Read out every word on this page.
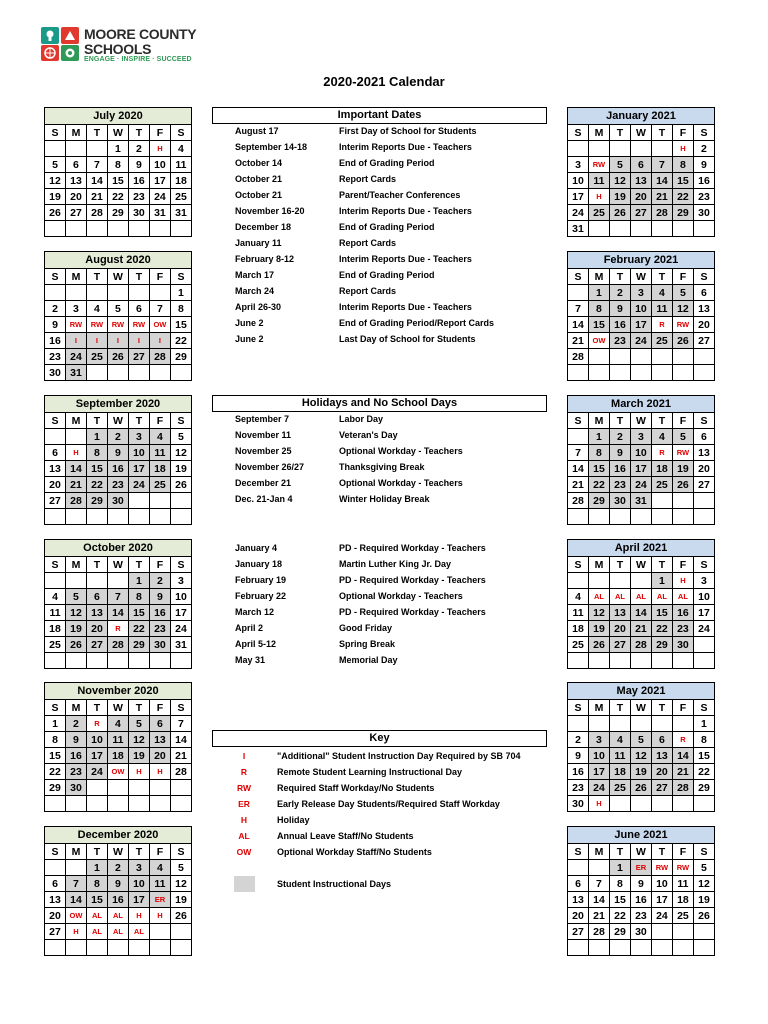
MOORE COUNTY
SCHOOLS
ENGAGE · INSPIRE · SUCCEED
2020-2021 Calendar
July 2020						
S	M	T	W	T	F	S
			1	2	H	4
5	6	7	8	9	10	11
12	13	14	15	16	17	18
19	20	21	22	23	24	25
26	27	28	29	30	31	31

August 2020						
S	M	T	W	T	F	S
						1
2	3	4	5	6	7	8
9	RW	RW	RW	RW	OW	15
16	I	I	I	I	I	22
23	24	25	26	27	28	29
30	31					
September 2020						
S	M	T	W	T	F	S
		1	2	3	4	5
6	H	8	9	10	11	12
13	14	15	16	17	18	19
20	21	22	23	24	25	26
27	28	29	30			

October 2020						
S	M	T	W	T	F	S
				1	2	3
4	5	6	7	8	9	10
11	12	13	14	15	16	17
18	19	20	R	22	23	24
25	26	27	28	29	30	31

November 2020						
S	M	T	W	T	F	S
1	2	R	4	5	6	7
8	9	10	11	12	13	14
15	16	17	18	19	20	21
22	23	24	OW	H	H	28
29	30					

December 2020						
S	M	T	W	T	F	S
		1	2	3	4	5
6	7	8	9	10	11	12
13	14	15	16	17	ER	19
20	OW	AL	AL	H	H	26
27	H	AL	AL	AL		

January 2021						
S	M	T	W	T	F	S
					H	2
3	RW	5	6	7	8	9
10	11	12	13	14	15	16
17	H	19	20	21	22	23
24	25	26	27	28	29	30
31						
February 2021						
S	M	T	W	T	F	S
	1	2	3	4	5	6
7	8	9	10	11	12	13
14	15	16	17	R	RW	20
21	OW	23	24	25	26	27
28						

March 2021						
S	M	T	W	T	F	S
	1	2	3	4	5	6
7	8	9	10	R	RW	13
14	15	16	17	18	19	20
21	22	23	24	25	26	27
28	29	30	31			

April 2021						
S	M	T	W	T	F	S
				1	H	3
4	AL	AL	AL	AL	AL	10
11	12	13	14	15	16	17
18	19	20	21	22	23	24
25	26	27	28	29	30	

May 2021						
S	M	T	W	T	F	S
						1
2	3	4	5	6	R	8
9	10	11	12	13	14	15
16	17	18	19	20	21	22
23	24	25	26	27	28	29
30	H					
June 2021						
S	M	T	W	T	F	S
		1	ER	RW	RW	5
6	7	8	9	10	11	12
13	14	15	16	17	18	19
20	21	22	23	24	25	26
27	28	29	30			

Important Dates
August 17	First Day of School for Students
September 14-18	Interim Reports Due - Teachers
October 14	End of Grading Period
October 21	Report Cards
October 21	Parent/Teacher Conferences
November 16-20	Interim Reports Due - Teachers
December 18	End of Grading Period
January 11	Report Cards
February 8-12	Interim Reports Due - Teachers
March 17	End of Grading Period
March 24	Report Cards
April 26-30	Interim Reports Due - Teachers
June 2	End of Grading Period/Report Cards
June 2	Last Day of School for Students
Holidays and No School Days
September 7	Labor Day
November 11	Veteran's Day
November 25	Optional Workday - Teachers
November 26/27	Thanksgiving Break
December 21	Optional Workday - Teachers
Dec. 21-Jan 4	Winter Holiday Break
January 4	PD - Required Workday - Teachers
January 18	Martin Luther King Jr. Day
February 19	PD - Required Workday - Teachers
February 22	Optional Workday - Teachers
March 12	PD - Required Workday - Teachers
April 2	Good Friday
April 5-12	Spring Break
May 31	Memorial Day
Key
I	"Additional" Student Instruction Day Required by SB 704
R	Remote Student Learning Instructional Day
RW	Required Staff Workday/No Students
ER	Early Release Day Students/Required Staff Workday
H	Holiday
AL	Annual Leave Staff/No Students
OW	Optional Workday Staff/No Students
Student Instructional Days
